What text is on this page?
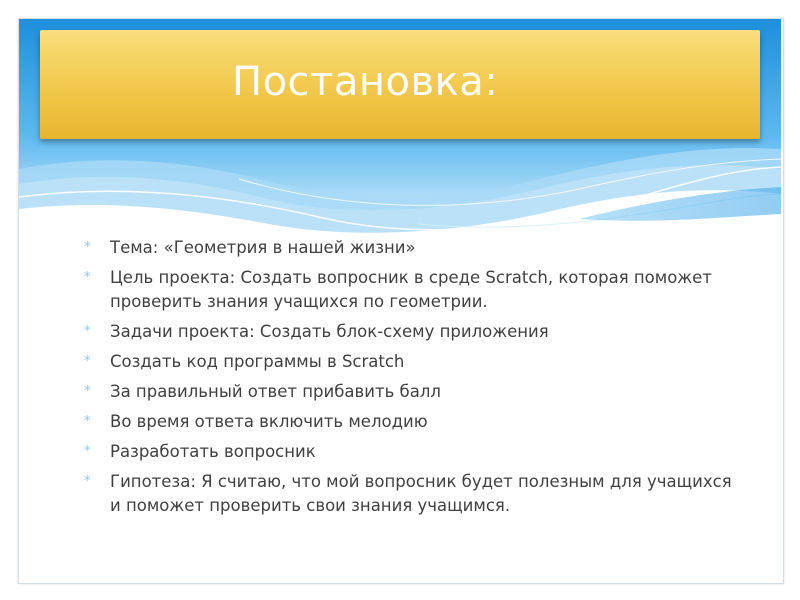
Постановка:
* Тема: «Геометрия в нашей жизни»
* Цель проекта: Создать вопросник в среде Scratch, которая поможет проверить знания учащихся по геометрии.
* Задачи проекта: Создать блок-схему приложения
* Создать код программы в Scratch
* За правильный ответ прибавить балл
* Во время ответа включить мелодию
* Разработать вопросник
* Гипотеза: Я считаю, что мой вопросник будет полезным для учащихся и поможет проверить свои знания учащимся.
